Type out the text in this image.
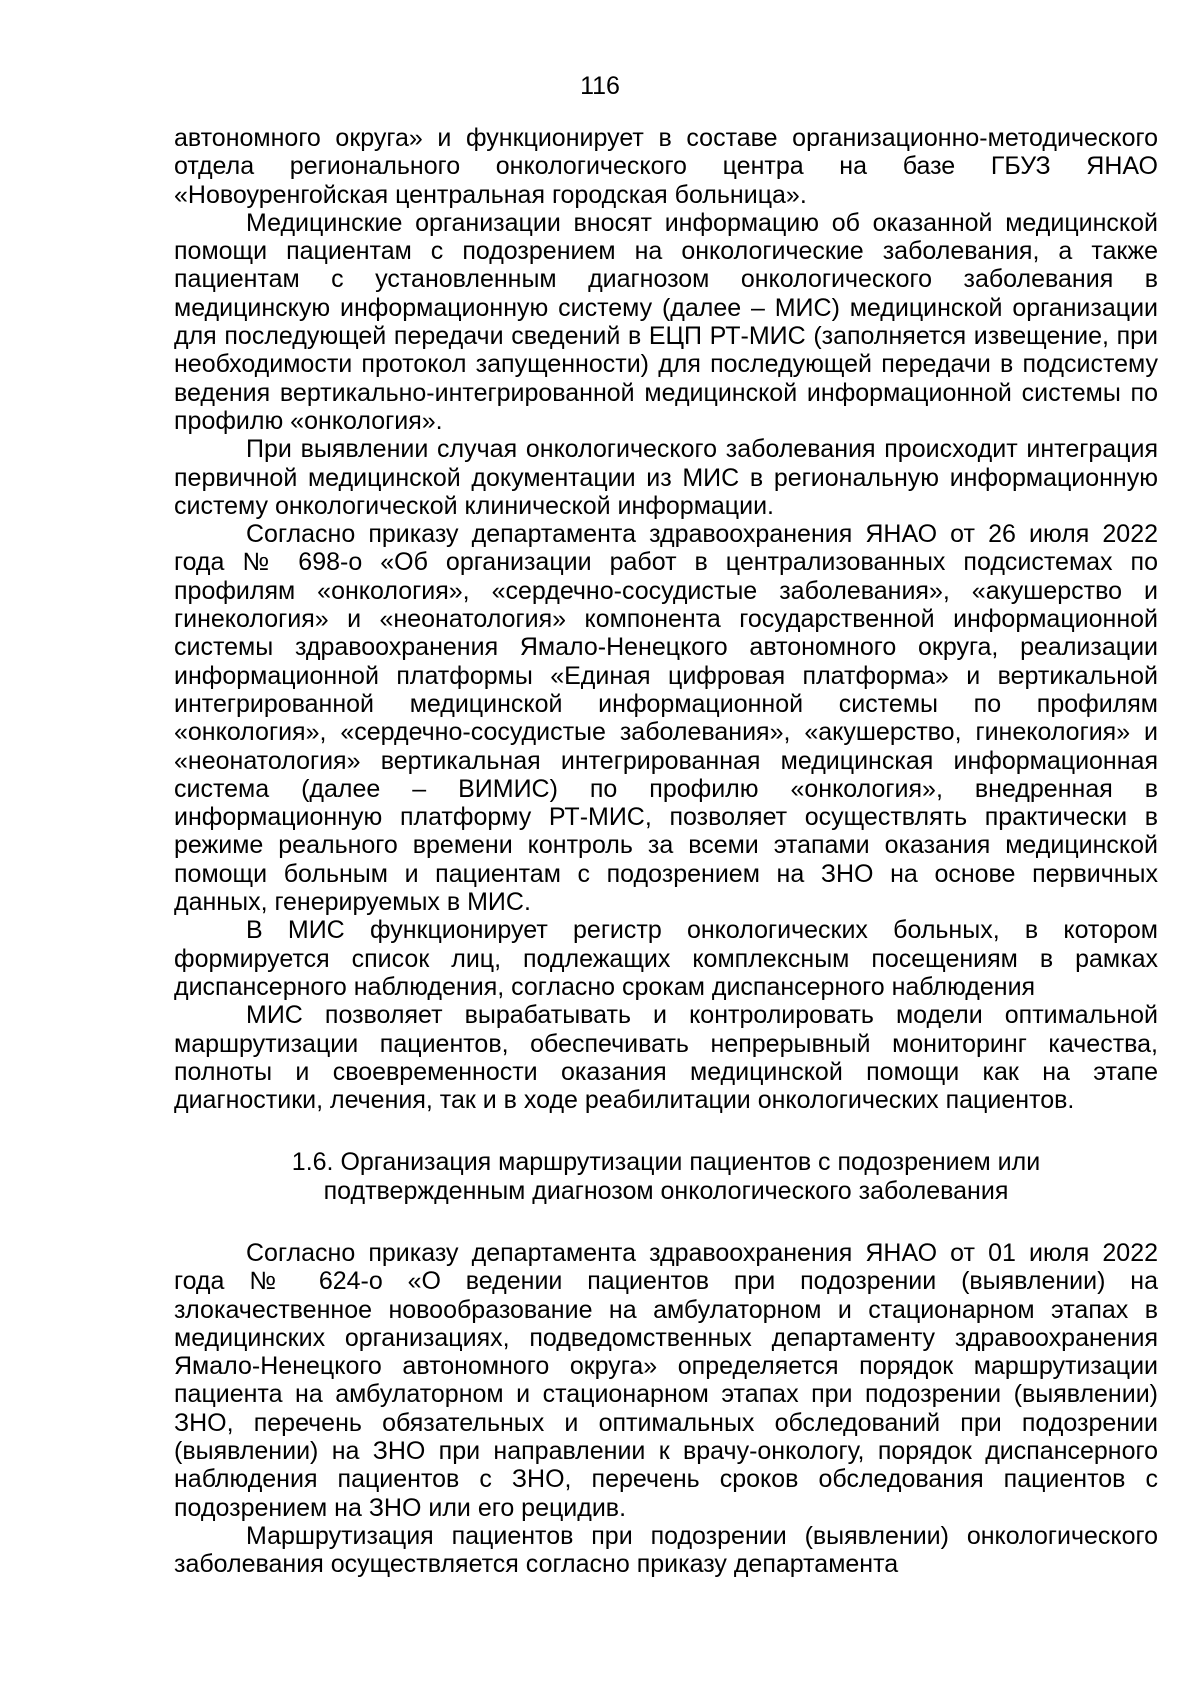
116

автономного округа» и функционирует в составе организационно-методического отдела регионального онкологического центра на базе ГБУЗ ЯНАО «Новоуренгойская центральная городская больница».

Медицинские организации вносят информацию об оказанной медицинской помощи пациентам с подозрением на онкологические заболевания, а также пациентам с установленным диагнозом онкологического заболевания в медицинскую информационную систему (далее – МИС) медицинской организации для последующей передачи сведений в ЕЦП РТ-МИС (заполняется извещение, при необходимости протокол запущенности) для последующей передачи в подсистему ведения вертикально-интегрированной медицинской информационной системы по профилю «онкология».

При выявлении случая онкологического заболевания происходит интеграция первичной медицинской документации из МИС в региональную информационную систему онкологической клинической информации.

Согласно приказу департамента здравоохранения ЯНАО от 26 июля 2022 года № 698-о «Об организации работ в централизованных подсистемах по профилям «онкология», «сердечно-сосудистые заболевания», «акушерство и гинекология» и «неонатология» компонента государственной информационной системы здравоохранения Ямало-Ненецкого автономного округа, реализации информационной платформы «Единая цифровая платформа» и вертикальной интегрированной медицинской информационной системы по профилям «онкология», «сердечно-сосудистые заболевания», «акушерство, гинекология» и «неонатология» вертикальная интегрированная медицинская информационная система (далее – ВИМИС) по профилю «онкология», внедренная в информационную платформу РТ-МИС, позволяет осуществлять практически в режиме реального времени контроль за всеми этапами оказания медицинской помощи больным и пациентам с подозрением на ЗНО на основе первичных данных, генерируемых в МИС.

В МИС функционирует регистр онкологических больных, в котором формируется список лиц, подлежащих комплексным посещениям в рамках диспансерного наблюдения, согласно срокам диспансерного наблюдения

МИС позволяет вырабатывать и контролировать модели оптимальной маршрутизации пациентов, обеспечивать непрерывный мониторинг качества, полноты и своевременности оказания медицинской помощи как на этапе диагностики, лечения, так и в ходе реабилитации онкологических пациентов.

1.6. Организация маршрутизации пациентов с подозрением или
подтвержденным диагнозом онкологического заболевания

Согласно приказу департамента здравоохранения ЯНАО от 01 июля 2022 года № 624-о «О ведении пациентов при подозрении (выявлении) на злокачественное новообразование на амбулаторном и стационарном этапах в медицинских организациях, подведомственных департаменту здравоохранения Ямало-Ненецкого автономного округа» определяется порядок маршрутизации пациента на амбулаторном и стационарном этапах при подозрении (выявлении) ЗНО, перечень обязательных и оптимальных обследований при подозрении (выявлении) на ЗНО при направлении к врачу-онкологу, порядок диспансерного наблюдения пациентов с ЗНО, перечень сроков обследования пациентов с подозрением на ЗНО или его рецидив.

Маршрутизация пациентов при подозрении (выявлении) онкологического заболевания осуществляется согласно приказу департамента
